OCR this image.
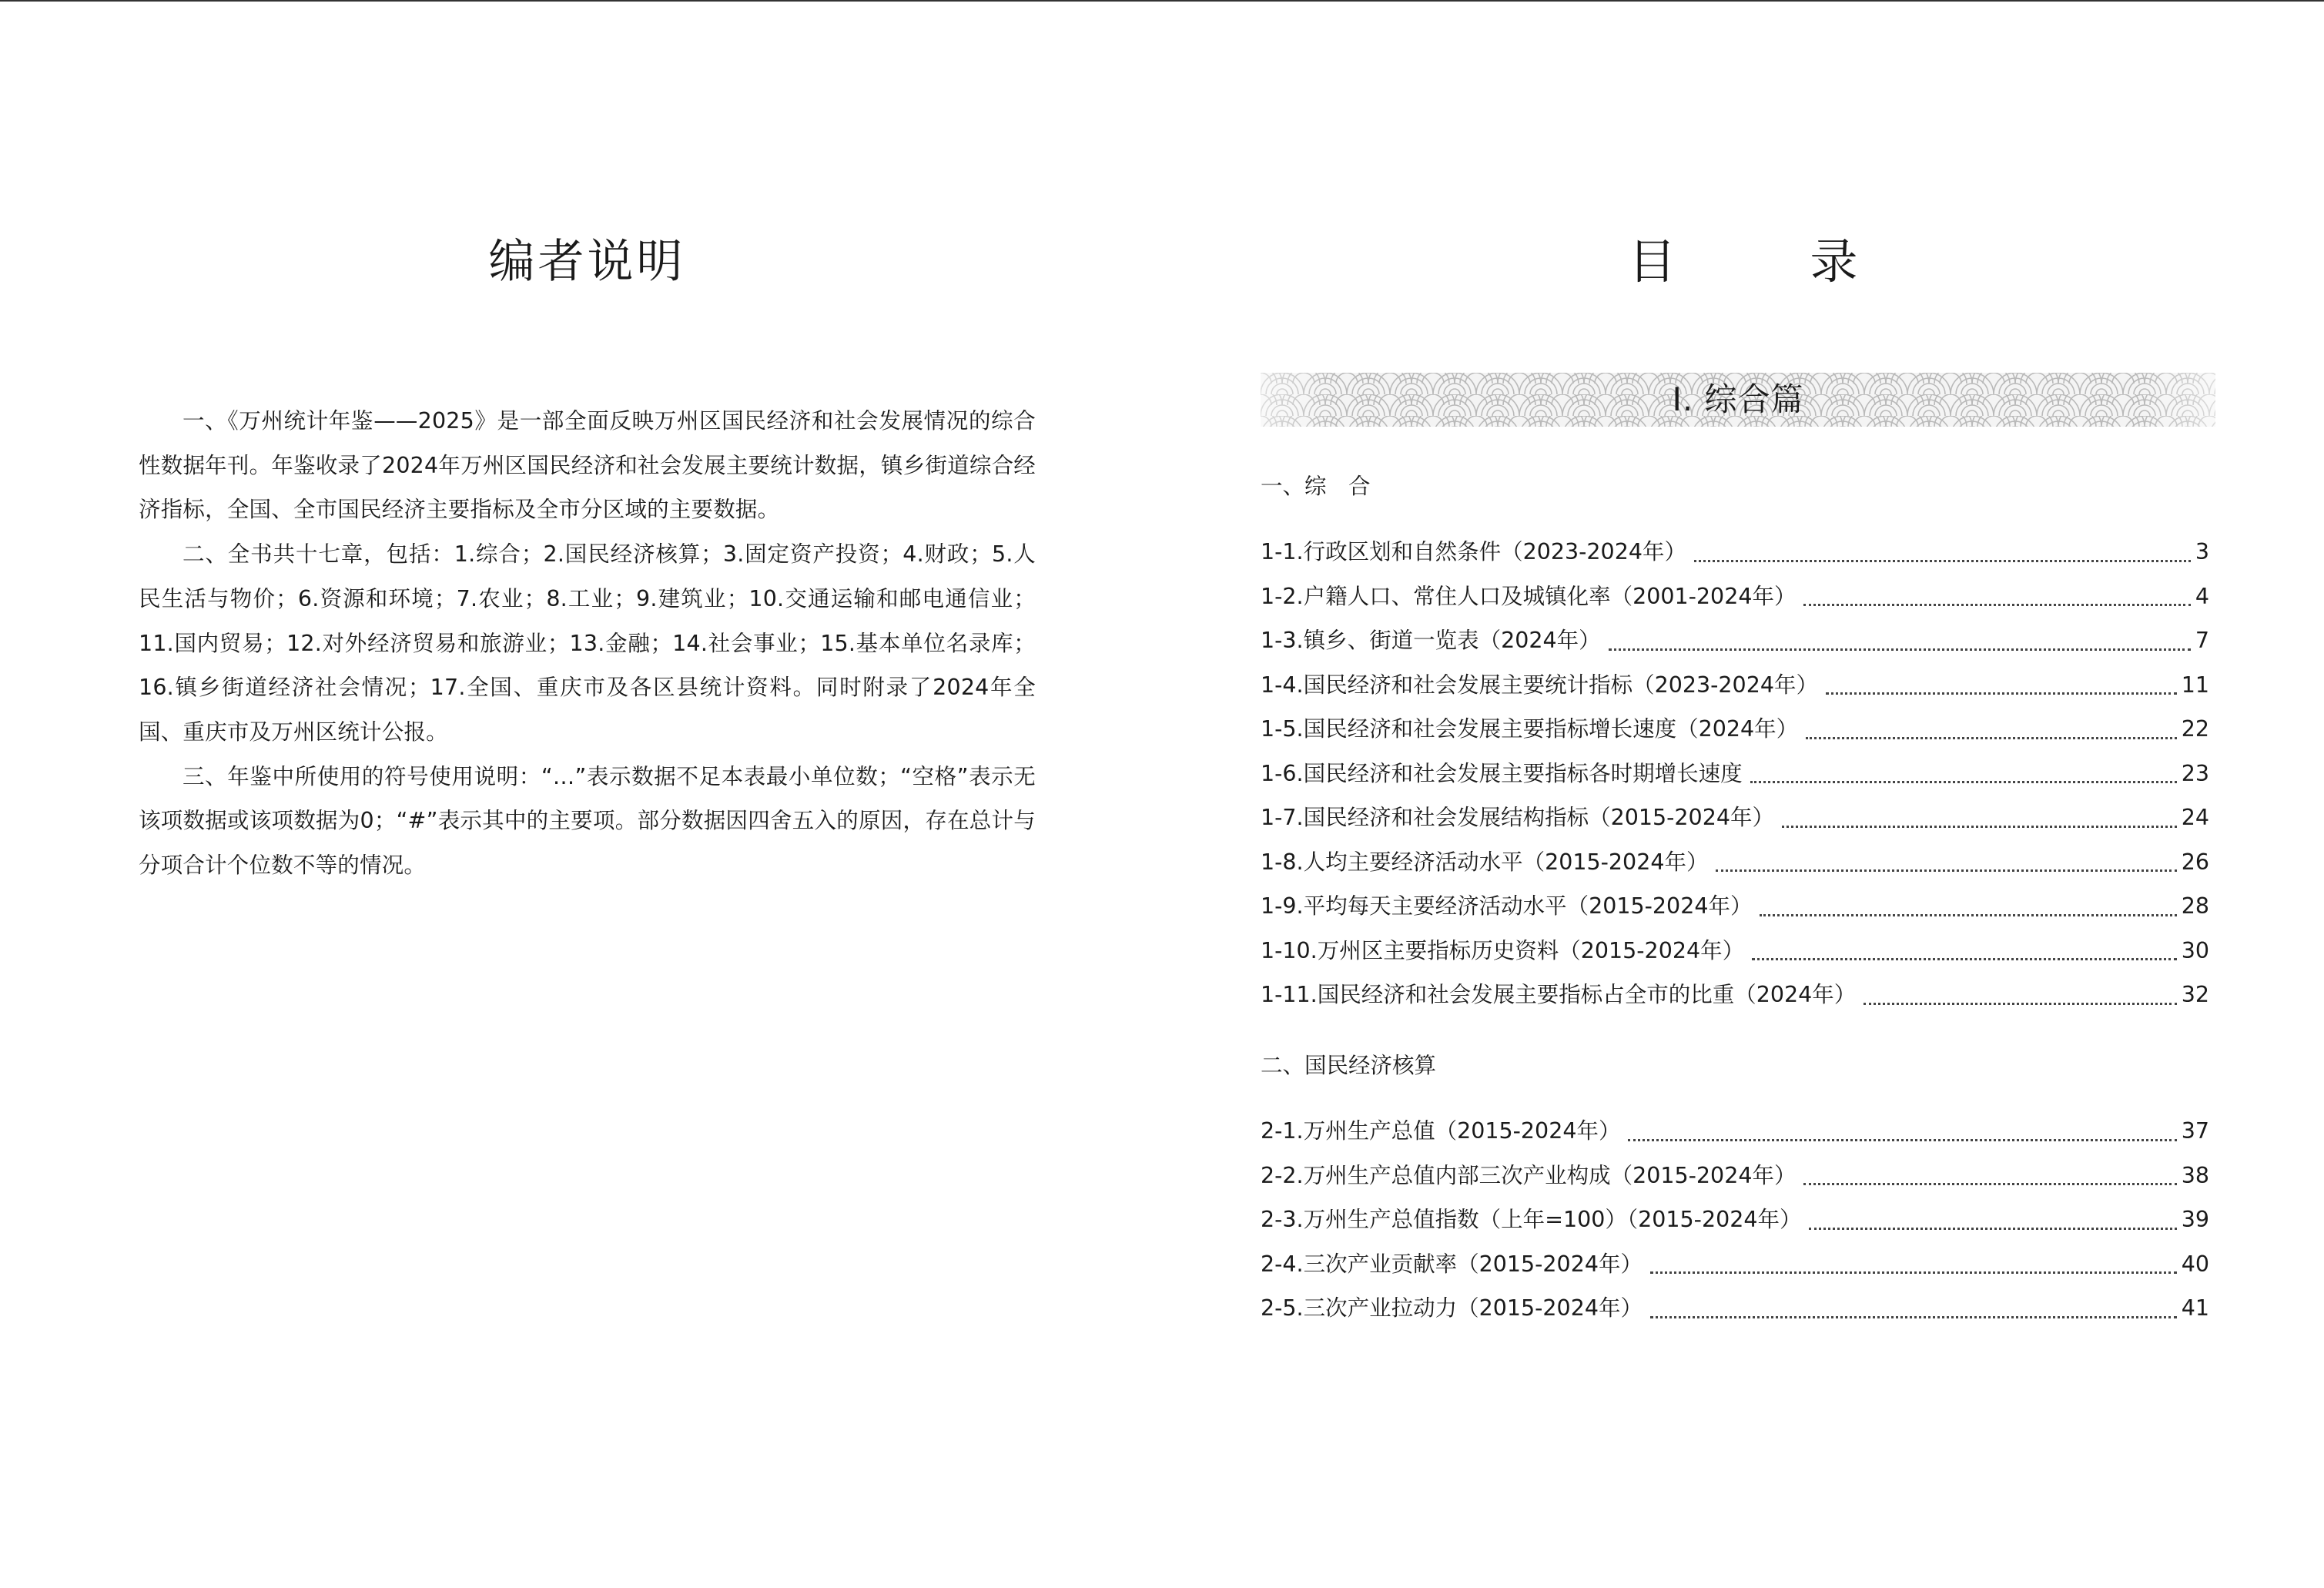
编者说明

一、《万州统计年鉴——2025》是一部全面反映万州区国民经济和社会发展情况的综合性数据年刊。年鉴收录了2024年万州区国民经济和社会发展主要统计数据，镇乡街道综合经济指标，全国、全市国民经济主要指标及全市分区域的主要数据。

二、全书共十七章，包括：1.综合；2.国民经济核算；3.固定资产投资；4.财政；5.人民生活与物价；6.资源和环境；7.农业；8.工业；9.建筑业；10.交通运输和邮电通信业；11.国内贸易；12.对外经济贸易和旅游业；13.金融；14.社会事业；15.基本单位名录库；16.镇乡街道经济社会情况；17.全国、重庆市及各区县统计资料。同时附录了2024年全国、重庆市及万州区统计公报。

三、年鉴中所使用的符号使用说明：“…”表示数据不足本表最小单位数；“空格”表示无该项数据或该项数据为0；“#”表示其中的主要项。部分数据因四舍五入的原因，存在总计与分项合计个位数不等的情况。

目　录
I. 综合篇
一、综　合
1-1.行政区划和自然条件（2023-2024年）	3
1-2.户籍人口、常住人口及城镇化率（2001-2024年）	4
1-3.镇乡、街道一览表（2024年）	7
1-4.国民经济和社会发展主要统计指标（2023-2024年）	11
1-5.国民经济和社会发展主要指标增长速度（2024年）	22
1-6.国民经济和社会发展主要指标各时期增长速度	23
1-7.国民经济和社会发展结构指标（2015-2024年）	24
1-8.人均主要经济活动水平（2015-2024年）	26
1-9.平均每天主要经济活动水平（2015-2024年）	28
1-10.万州区主要指标历史资料（2015-2024年）	30
1-11.国民经济和社会发展主要指标占全市的比重（2024年）	32
二、国民经济核算
2-1.万州生产总值（2015-2024年）	37
2-2.万州生产总值内部三次产业构成（2015-2024年）	38
2-3.万州生产总值指数（上年=100）（2015-2024年）	39
2-4.三次产业贡献率（2015-2024年）	40
2-5.三次产业拉动力（2015-2024年）	41
